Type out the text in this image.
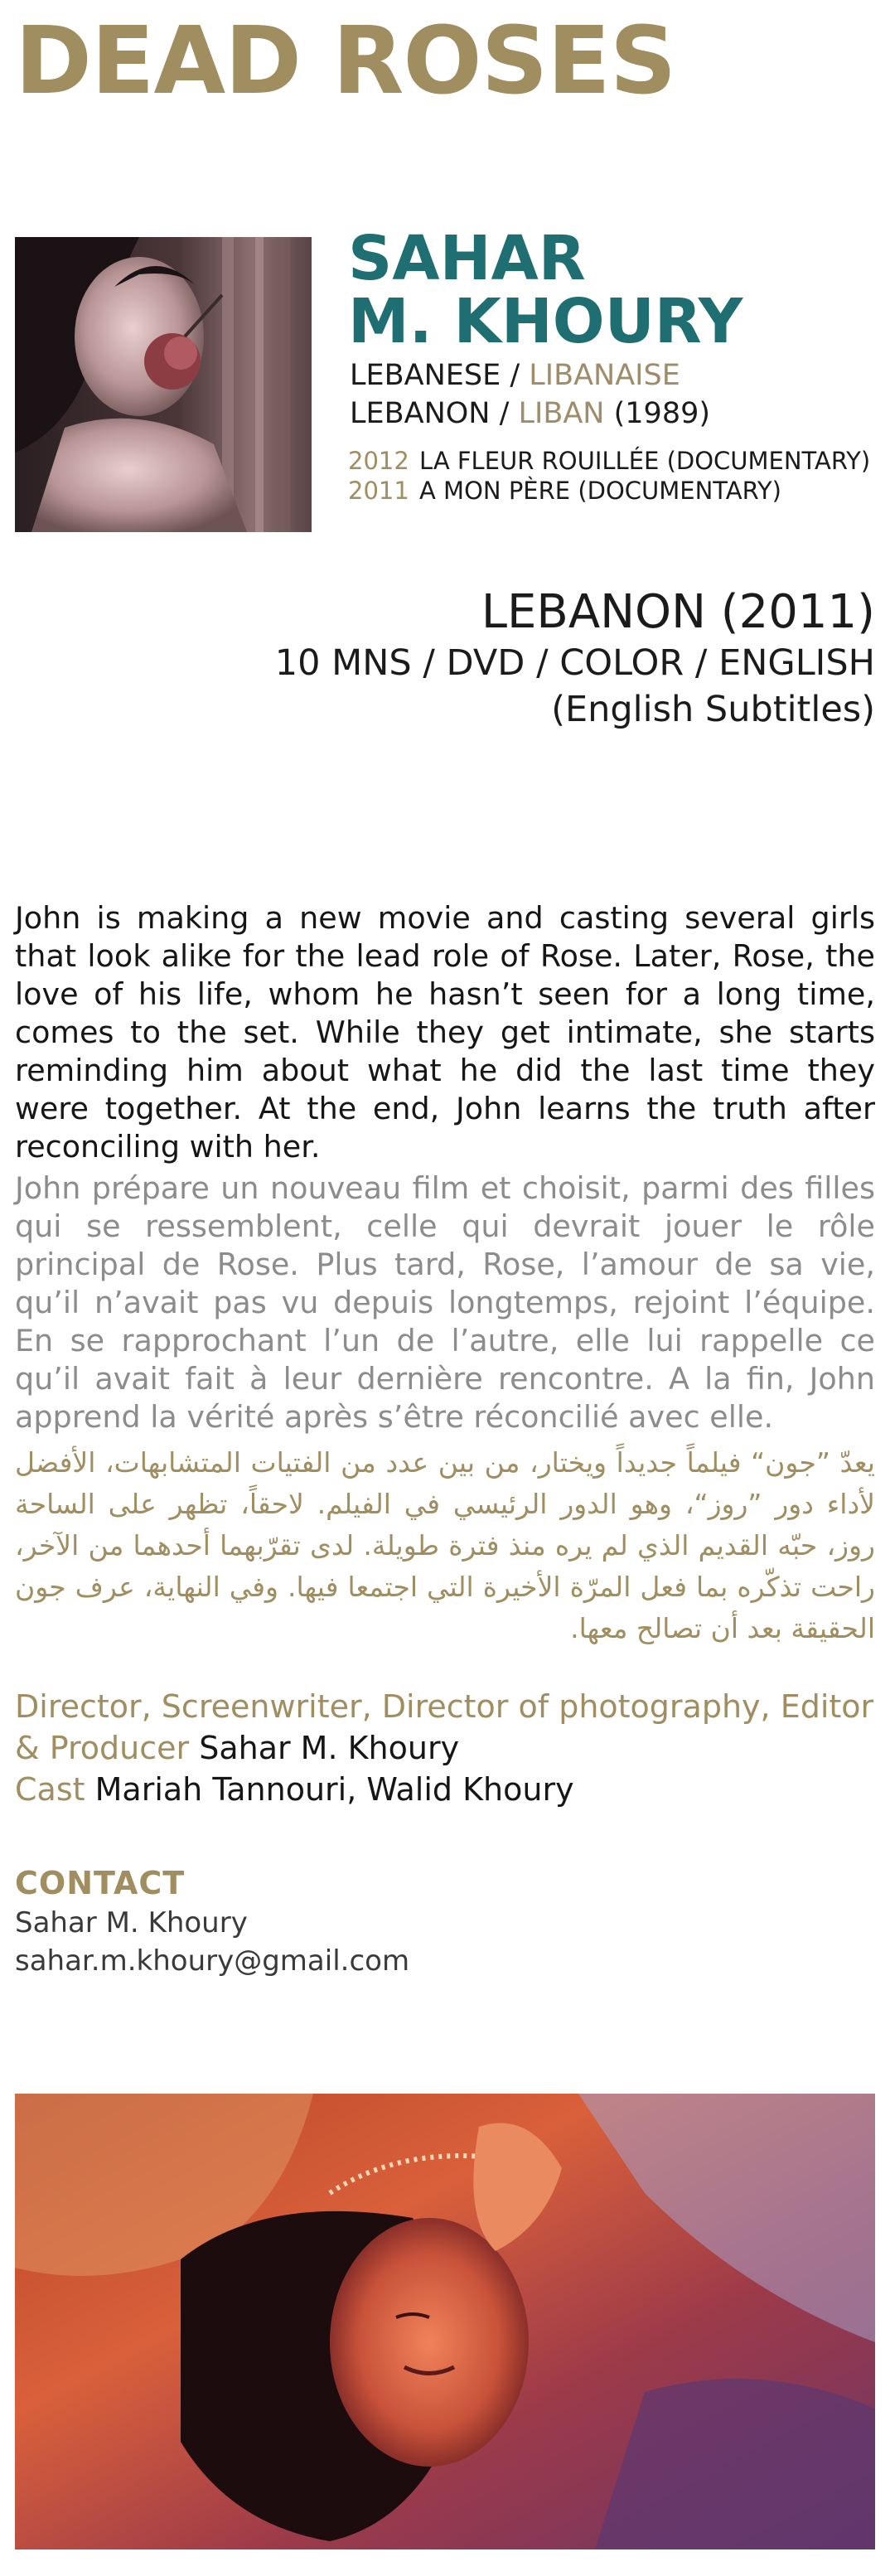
DEAD ROSES
SAHAR
M. KHOURY
LEBANESE / LIBANAISE
LEBANON / LIBAN (1989)
2012 LA FLEUR ROUILLÉE (DOCUMENTARY)
2011 A MON PÈRE (DOCUMENTARY)
LEBANON (2011)
10 MNS / DVD / COLOR / ENGLISH
(English Subtitles)

John is making a new movie and casting several girls that look alike for the lead role of Rose. Later, Rose, the love of his life, whom he hasn’t seen for a long time, comes to the set. While they get intimate, she starts reminding him about what he did the last time they were together. At the end, John learns the truth after reconciling with her.

John prépare un nouveau film et choisit, parmi des filles qui se ressemblent, celle qui devrait jouer le rôle principal de Rose. Plus tard, Rose, l’amour de sa vie, qu’il n’avait pas vu depuis longtemps, rejoint l’équipe. En se rapprochant l’un de l’autre, elle lui rappelle ce qu’il avait fait à leur dernière rencontre. A la fin, John apprend la vérité après s’être réconcilié avec elle.

يعدّ ”جون“ فيلماً جديداً ويختار، من بين عدد من الفتيات المتشابهات، الأفضل لأداء دور ”روز“، وهو الدور الرئيسي في الفيلم. لاحقاً، تظهر على الساحة روز، حبّه القديم الذي لم يره منذ فترة طويلة. لدى تقرّبهما أحدهما من الآخر، راحت تذكّره بما فعل المرّة الأخيرة التي اجتمعا فيها. وفي النهاية، عرف جون الحقيقة بعد أن تصالح معها.

Director, Screenwriter, Director of photography, Editor & Producer Sahar M. Khoury

Cast Mariah Tannouri, Walid Khoury

CONTACT
Sahar M. Khoury
sahar.m.khoury@gmail.com
